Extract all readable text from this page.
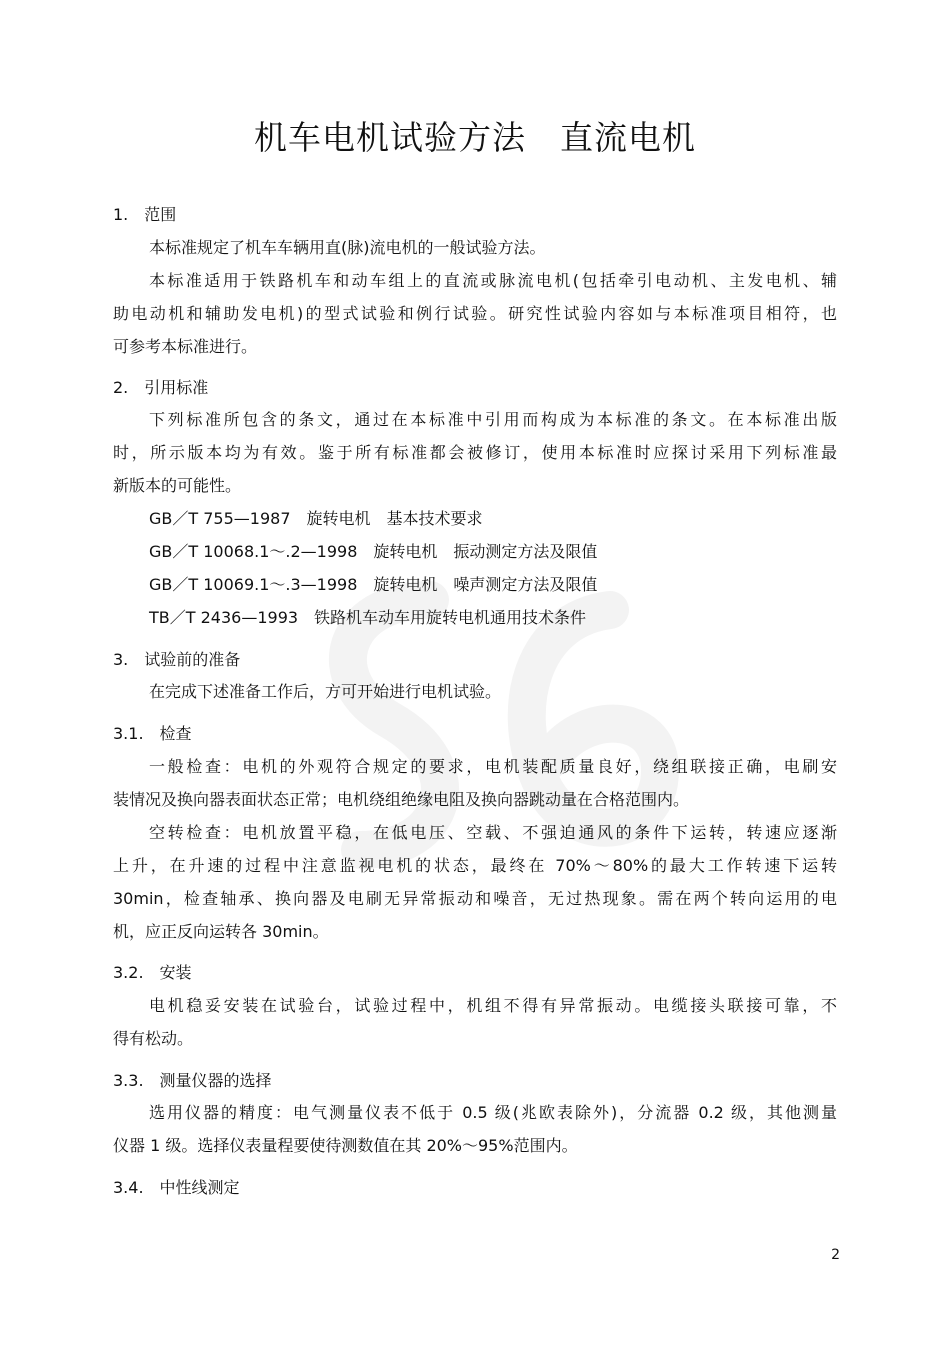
机车电机试验方法　直流电机
1.　范围
本标准规定了机车车辆用直(脉)流电机的一般试验方法。
本标准适用于铁路机车和动车组上的直流或脉流电机(包括牵引电动机、主发电机、辅
助电动机和辅助发电机)的型式试验和例行试验。研究性试验内容如与本标准项目相符，也
可参考本标准进行。
2.　引用标准
下列标准所包含的条文，通过在本标准中引用而构成为本标准的条文。在本标准出版
时，所示版本均为有效。鉴于所有标准都会被修订，使用本标准时应探讨采用下列标准最
新版本的可能性。
GB／T 755—1987　旋转电机　基本技术要求
GB／T 10068.1～.2—1998　旋转电机　振动测定方法及限值
GB／T 10069.1～.3—1998　旋转电机　噪声测定方法及限值
TB／T 2436—1993　铁路机车动车用旋转电机通用技术条件
3.　试验前的准备
在完成下述准备工作后，方可开始进行电机试验。
3.1.　检查
一般检查：电机的外观符合规定的要求，电机装配质量良好，绕组联接正确，电刷安
装情况及换向器表面状态正常；电机绕组绝缘电阻及换向器跳动量在合格范围内。
空转检查：电机放置平稳，在低电压、空载、不强迫通风的条件下运转，转速应逐渐
上升，在升速的过程中注意监视电机的状态，最终在 70%～80%的最大工作转速下运转
30min，检查轴承、换向器及电刷无异常振动和噪音，无过热现象。需在两个转向运用的电
机，应正反向运转各 30min。
3.2.　安装
电机稳妥安装在试验台，试验过程中，机组不得有异常振动。电缆接头联接可靠，不
得有松动。
3.3.　测量仪器的选择
选用仪器的精度：电气测量仪表不低于 0.5 级(兆欧表除外)，分流器 0.2 级，其他测量
仪器 1 级。选择仪表量程要使待测数值在其 20%～95%范围内。
3.4.　中性线测定
2
